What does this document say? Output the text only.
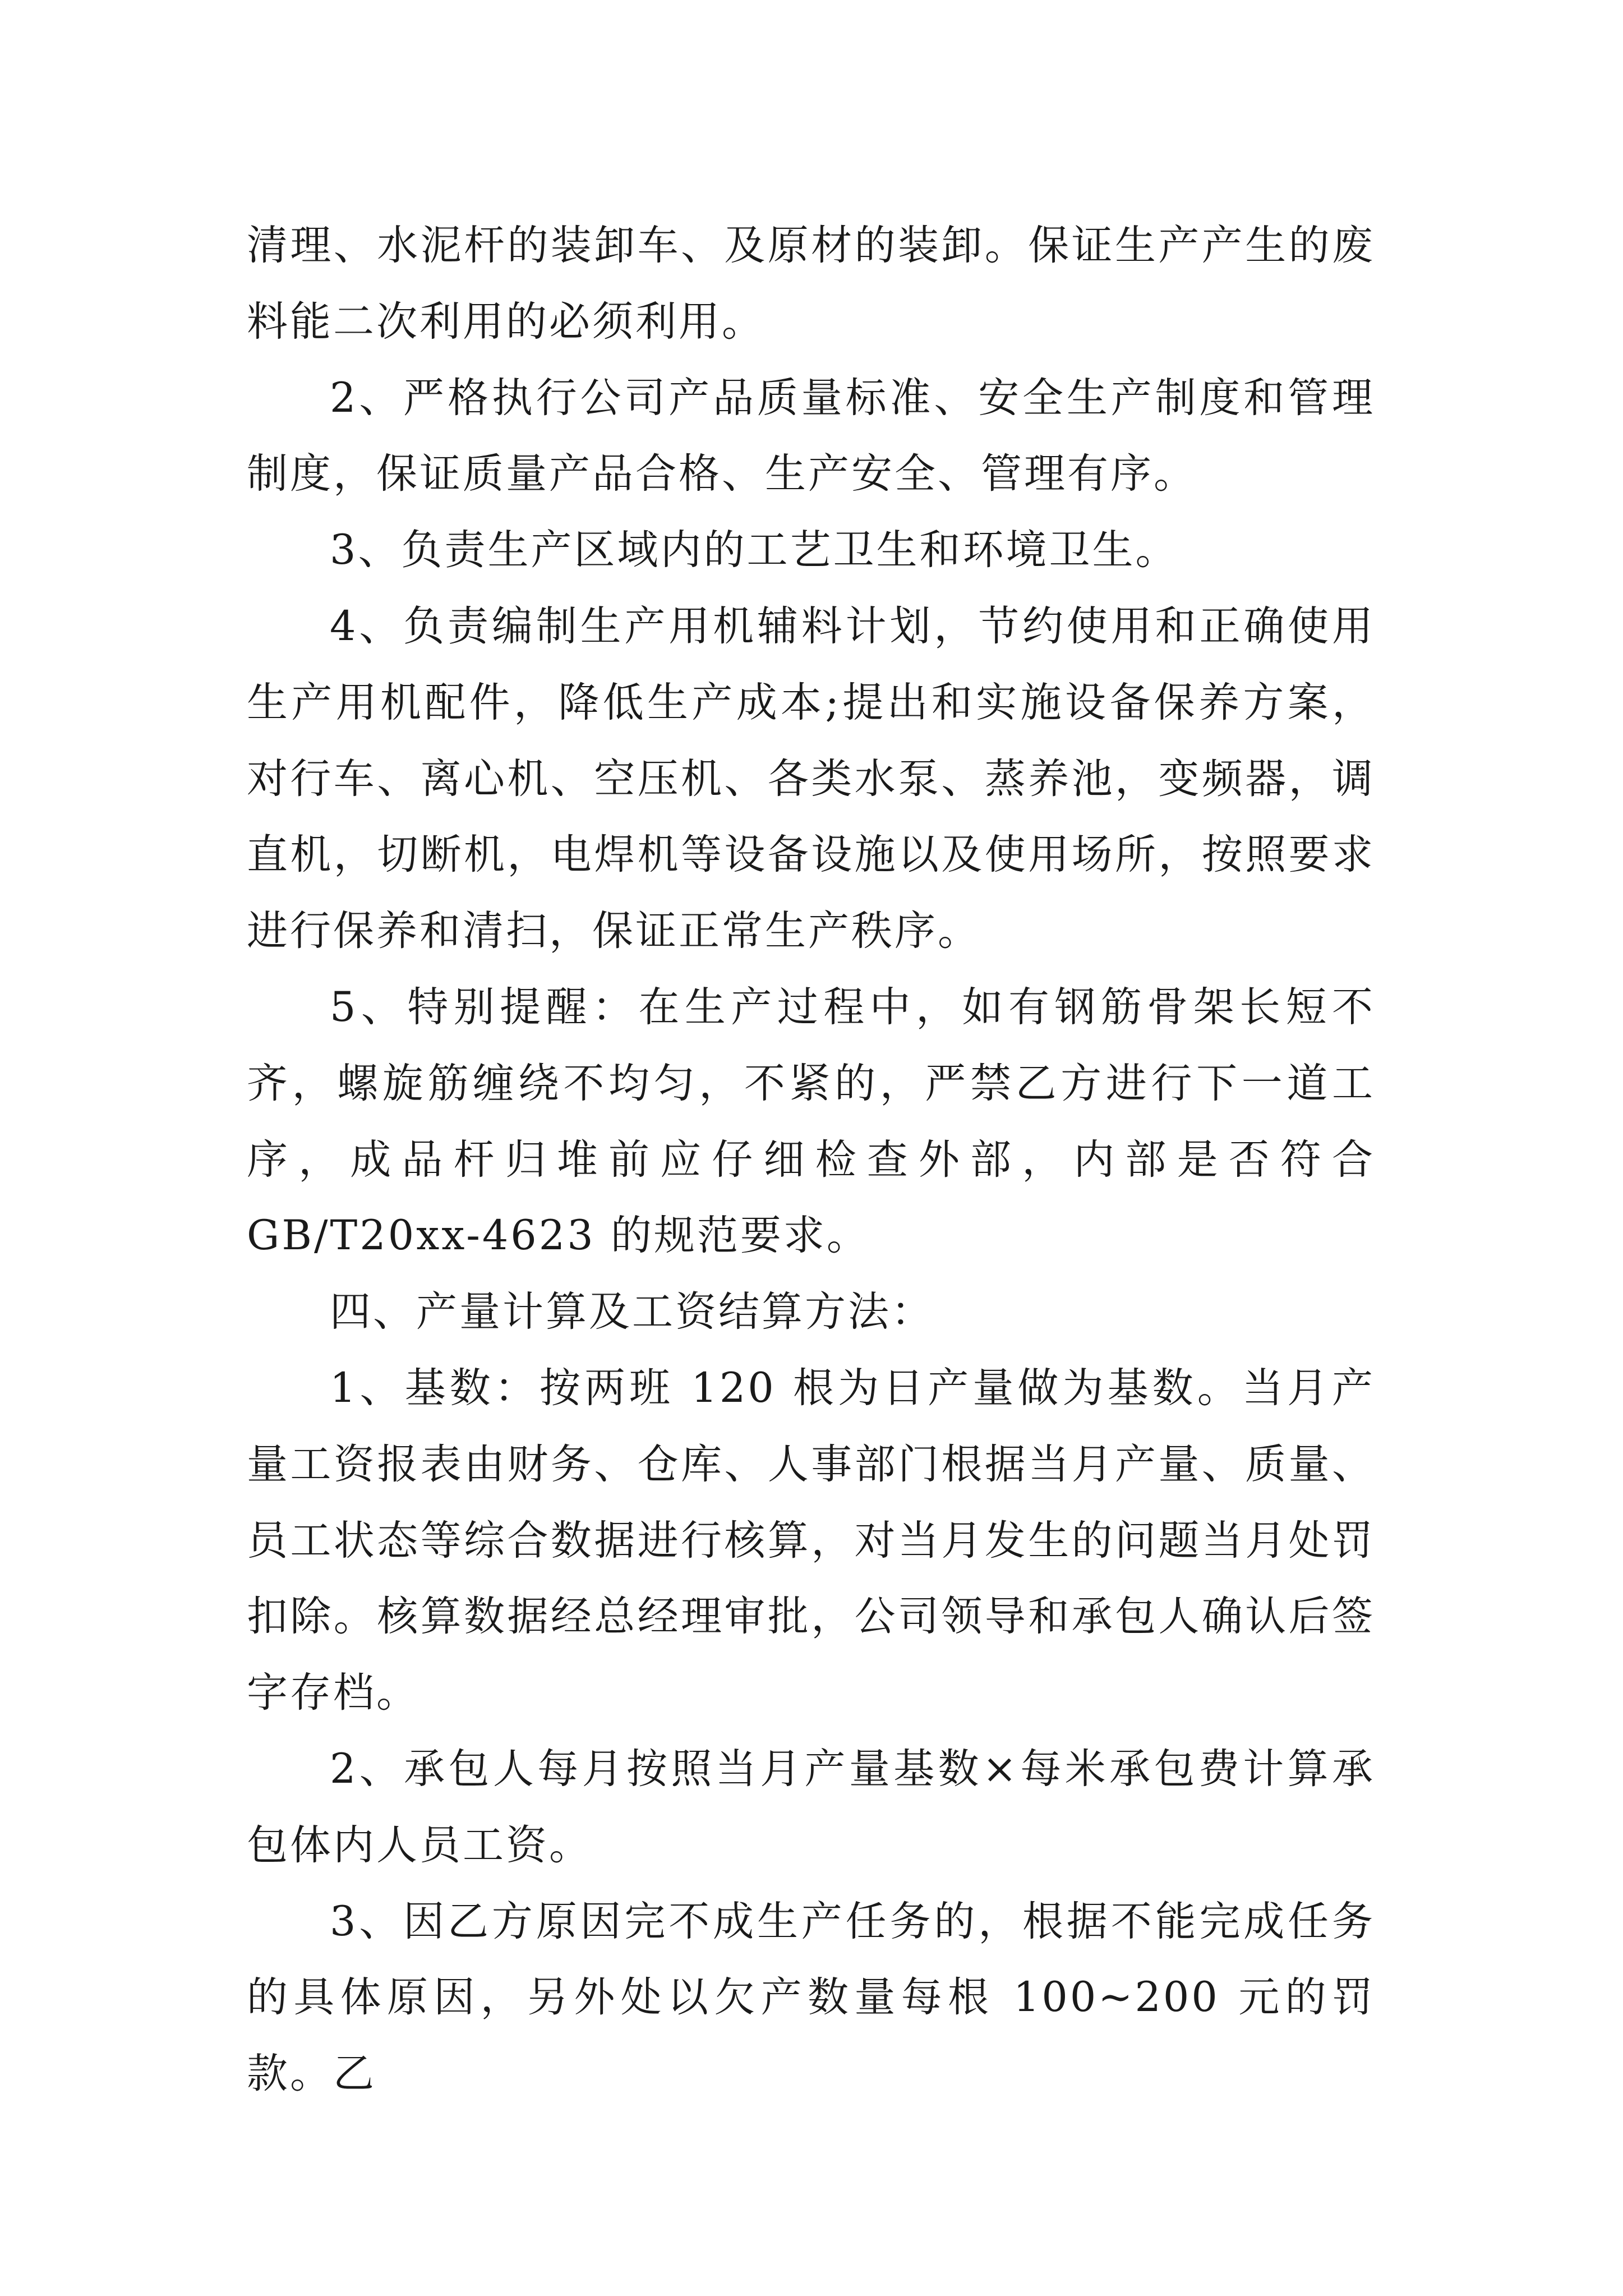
清理、水泥杆的装卸车、及原材的装卸。保证生产产生的废料能二次利用的必须利用。

2、严格执行公司产品质量标准、安全生产制度和管理制度，保证质量产品合格、生产安全、管理有序。

3、负责生产区域内的工艺卫生和环境卫生。

4、负责编制生产用机辅料计划，节约使用和正确使用生产用机配件，降低生产成本;提出和实施设备保养方案，对行车、离心机、空压机、各类水泵、蒸养池，变频器，调直机，切断机，电焊机等设备设施以及使用场所，按照要求进行保养和清扫，保证正常生产秩序。

5、特别提醒：在生产过程中，如有钢筋骨架长短不齐，螺旋筋缠绕不均匀，不紧的，严禁乙方进行下一道工序，成品杆归堆前应仔细检查外部，内部是否符合 GB/T20xx-4623 的规范要求。

四、产量计算及工资结算方法：

1、基数：按两班 120 根为日产量做为基数。当月产量工资报表由财务、仓库、人事部门根据当月产量、质量、员工状态等综合数据进行核算，对当月发生的问题当月处罚扣除。核算数据经总经理审批，公司领导和承包人确认后签字存档。

2、承包人每月按照当月产量基数×每米承包费计算承包体内人员工资。

3、因乙方原因完不成生产任务的，根据不能完成任务的具体原因，另外处以欠产数量每根 100~200 元的罚款。乙
